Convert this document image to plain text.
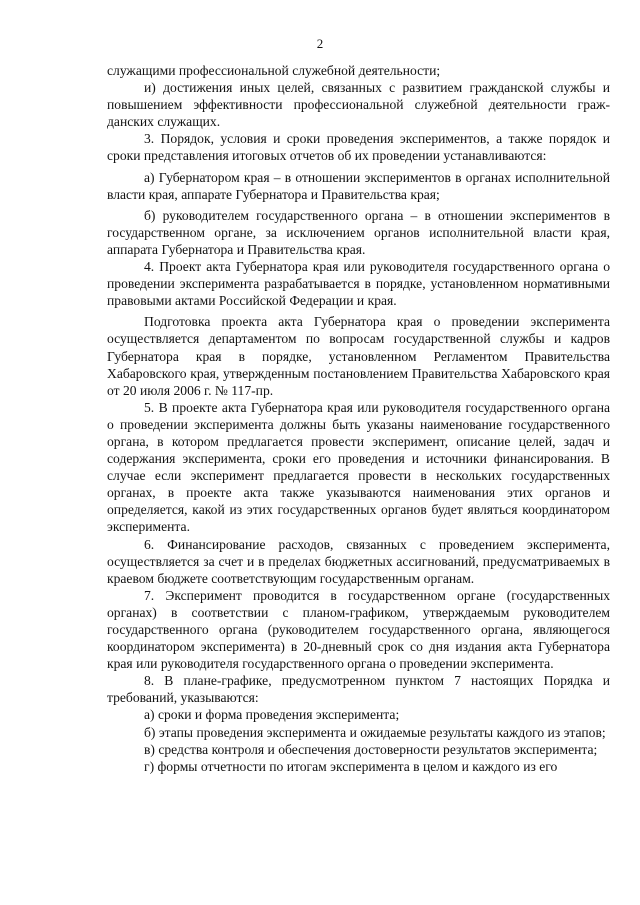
2

служащими профессиональной служебной деятельности;

и) достижения иных целей, связанных с развитием гражданской службы и повышением эффективности профессиональной служебной деятельности гражданских служащих.

3. Порядок, условия и сроки проведения экспериментов, а также порядок и сроки представления итоговых отчетов об их проведении устанавливаются:

а) Губернатором края – в отношении экспериментов в органах исполнительной власти края, аппарате Губернатора и Правительства края;

б) руководителем государственного органа – в отношении экспериментов в государственном органе, за исключением органов исполнительной власти края, аппарата Губернатора и Правительства края.

4. Проект акта Губернатора края или руководителя государственного органа о проведении эксперимента разрабатывается в порядке, установленном нормативными правовыми актами Российской Федерации и края.

Подготовка проекта акта Губернатора края о проведении эксперимента осуществляется департаментом по вопросам государственной службы и кадров Губернатора края в порядке, установленном Регламентом Правительства Хабаровского края, утвержденным постановлением Правительства Хабаровского края от 20 июля 2006 г. № 117-пр.

5. В проекте акта Губернатора края или руководителя государственного органа о проведении эксперимента должны быть указаны наименование государственного органа, в котором предлагается провести эксперимент, описание целей, задач и содержания эксперимента, сроки его проведения и источники финансирования. В случае если эксперимент предлагается провести в нескольких государственных органах, в проекте акта также указываются наименования этих органов и определяется, какой из этих государственных органов будет являться координатором эксперимента.

6. Финансирование расходов, связанных с проведением эксперимента, осуществляется за счет и в пределах бюджетных ассигнований, предусматриваемых в краевом бюджете соответствующим государственным органам.

7. Эксперимент проводится в государственном органе (государственных органах) в соответствии с планом-графиком, утверждаемым руководителем государственного органа (руководителем государственного органа, являющегося координатором эксперимента) в 20-дневный срок со дня издания акта Губернатора края или руководителя государственного органа о проведении эксперимента.

8. В плане-графике, предусмотренном пунктом 7 настоящих Порядка и требований, указываются:

а) сроки и форма проведения эксперимента;

б) этапы проведения эксперимента и ожидаемые результаты каждого из этапов;

в) средства контроля и обеспечения достоверности результатов эксперимента;

г) формы отчетности по итогам эксперимента в целом и каждого из его
